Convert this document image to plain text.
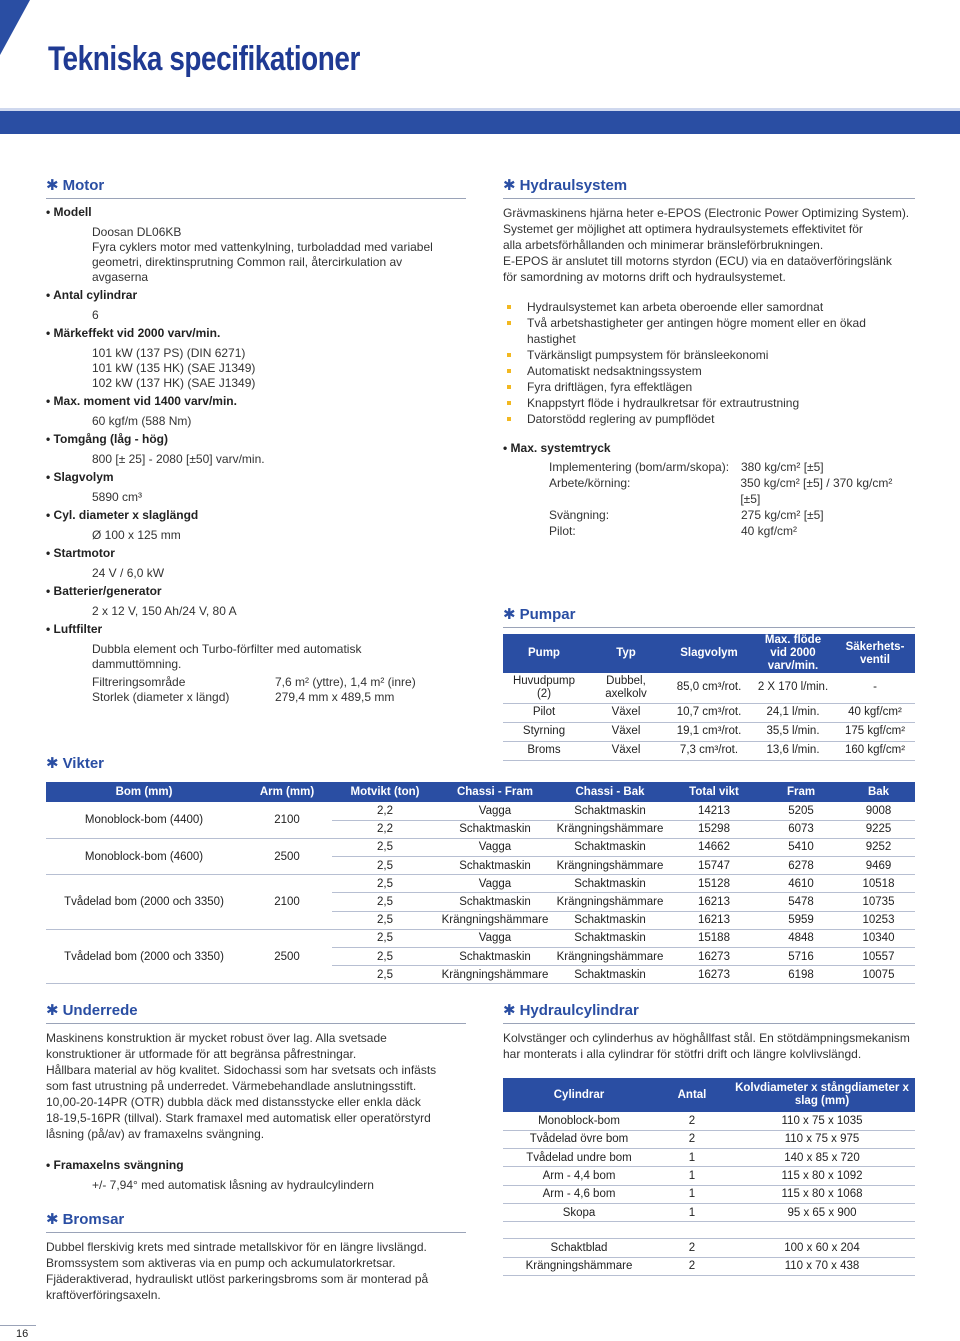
Tekniska specifikationer
✱ Motor
• Modell
Doosan DL06KB
Fyra cyklers motor med vattenkylning, turboladdad med variabel
geometri, direktinsprutning Common rail, återcirkulation av
avgaserna
• Antal cylindrar
6
• Märkeffekt vid 2000 varv/min.
101 kW (137 PS) (DIN 6271)
101 kW (135 HK) (SAE J1349)
102 kW (137 HK) (SAE J1349)
• Max. moment vid 1400 varv/min.
60 kgf/m (588 Nm)
• Tomgång (låg - hög)
800 [± 25] - 2080 [±50] varv/min.
• Slagvolym
5890 cm³
• Cyl. diameter x slaglängd
Ø 100 x 125 mm
• Startmotor
24 V / 6,0 kW
• Batterier/generator
2 x 12 V, 150 Ah/24 V, 80 A
• Luftfilter
Dubbla element och Turbo-förfilter med automatisk
dammuttömning.
Filtreringsområde	7,6 m² (yttre), 1,4 m² (inre)
Storlek (diameter x längd)	279,4 mm x 489,5 mm
✱ Hydraulsystem
Grävmaskinens hjärna heter e-EPOS (Electronic Power Optimizing System).
Systemet ger möjlighet att optimera hydraulsystemets effektivitet för
alla arbetsförhållanden och minimerar bränsleförbrukningen.
E-EPOS är anslutet till motorns styrdon (ECU) via en dataöverföringslänk
för samordning av motorns drift och hydraulsystemet.
Hydraulsystemet kan arbeta oberoende eller samordnat
Två arbetshastigheter ger antingen högre moment eller en ökad hastighet
Tvärkänsligt pumpsystem för bränsleekonomi
Automatiskt nedsaktningssystem
Fyra driftlägen, fyra effektlägen
Knappstyrt flöde i hydraulkretsar för extrautrustning
Datorstödd reglering av pumpflödet
• Max. systemtryck
Implementering (bom/arm/skopa): 380 kg/cm² [±5]
Arbete/körning:	350 kg/cm² [±5] / 370 kg/cm² [±5]
Svängning:	275 kg/cm² [±5]
Pilot:	40 kgf/cm²
✱ Pumpar
Pump	Typ	Slagvolym	Max. flöde vid 2000 varv/min.	Säkerhets-ventil
Huvudpump (2)	Dubbel, axelkolv	85,0 cm³/rot.	2 X 170 l/min.	-
Pilot	Växel	10,7 cm³/rot.	24,1 l/min.	40 kgf/cm²
Styrning	Växel	19,1 cm³/rot.	35,5 l/min.	175 kgf/cm²
Broms	Växel	7,3 cm³/rot.	13,6 l/min.	160 kgf/cm²
✱ Vikter
Bom (mm)	Arm (mm)	Motvikt (ton)	Chassi - Fram	Chassi - Bak	Total vikt	Fram	Bak
Monoblock-bom (4400)	2100	2,2	Vagga	Schaktmaskin	14213	5205	9008
		2,2	Schaktmaskin	Krängningshämmare	15298	6073	9225
Monoblock-bom (4600)	2500	2,5	Vagga	Schaktmaskin	14662	5410	9252
		2,5	Schaktmaskin	Krängningshämmare	15747	6278	9469
Tvådelad bom (2000 och 3350)	2100	2,5	Vagga	Schaktmaskin	15128	4610	10518
		2,5	Schaktmaskin	Krängningshämmare	16213	5478	10735
		2,5	Krängningshämmare	Schaktmaskin	16213	5959	10253
Tvådelad bom (2000 och 3350)	2500	2,5	Vagga	Schaktmaskin	15188	4848	10340
		2,5	Schaktmaskin	Krängningshämmare	16273	5716	10557
		2,5	Krängningshämmare	Schaktmaskin	16273	6198	10075
✱ Underrede
Maskinens konstruktion är mycket robust över lag. Alla svetsade
konstruktioner är utformade för att begränsa påfrestningar.
Hållbara material av hög kvalitet. Sidochassi som har svetsats och infästs
som fast utrustning på underredet. Värmebehandlade anslutningsstift.
10,00-20-14PR (OTR) dubbla däck med distansstycke eller enkla däck
18-19,5-16PR (tillval). Stark framaxel med automatisk eller operatörstyrd
låsning (på/av) av framaxelns svängning.
• Framaxelns svängning
+/- 7,94° med automatisk låsning av hydraulcylindern
✱ Bromsar
Dubbel flerskivig krets med sintrade metallskivor för en längre livslängd.
Bromssystem som aktiveras via en pump och ackumulatorkretsar.
Fjäderaktiverad, hydrauliskt utlöst parkeringsbroms som är monterad på
kraftöverföringsaxeln.
✱ Hydraulcylindrar
Kolvstänger och cylinderhus av höghållfast stål. En stötdämpningsmekanism
har monterats i alla cylindrar för stötfri drift och längre kolvlivslängd.
Cylindrar	Antal	Kolvdiameter x stångdiameter x slag (mm)
Monoblock-bom	2	110 x 75 x 1035
Tvådelad övre bom	2	110 x 75 x 975
Tvådelad undre bom	1	140 x 85 x 720
Arm - 4,4 bom	1	115 x 80 x 1092
Arm - 4,6 bom	1	115 x 80 x 1068
Skopa	1	95 x 65 x 900
Schaktblad	2	100 x 60 x 204
Krängningshämmare	2	110 x 70 x 438
16
